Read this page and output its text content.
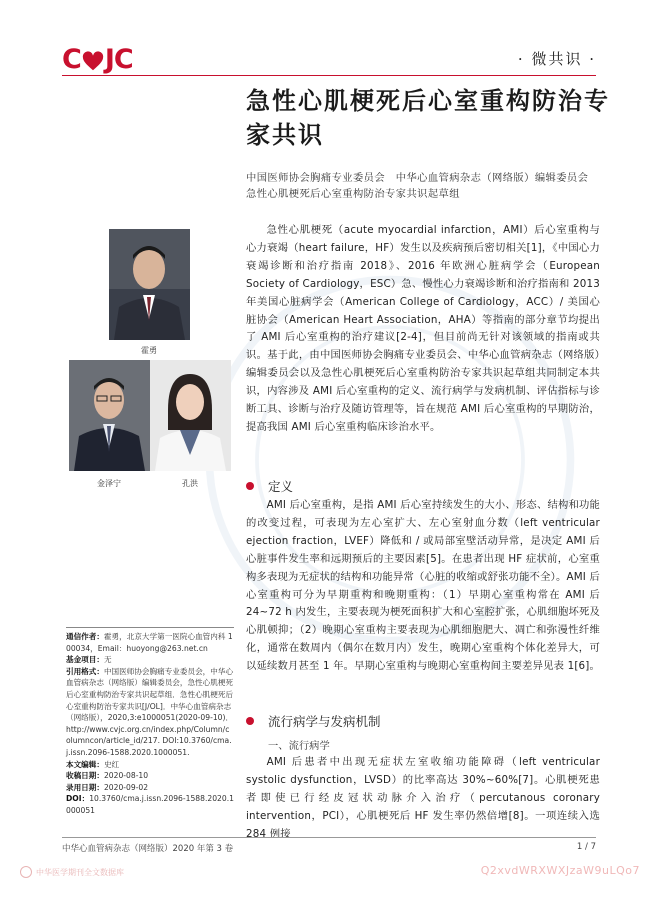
C J C	· 微共识 ·
急性心肌梗死后心室重构防治专家共识
中国医师协会胸痛专业委员会　中华心血管病杂志（网络版）编辑委员会 急性心肌梗死后心室重构防治专家共识起草组
霍勇
金泽宁	孔洪

急性心肌梗死（acute myocardial infarction，AMI）后心室重构与心力衰竭（heart failure，HF）发生以及疾病预后密切相关[1]，《中国心力衰竭诊断和治疗指南 2018》、2016 年欧洲心脏病学会（European Society of Cardiology，ESC）急、慢性心力衰竭诊断和治疗指南和 2013 年美国心脏病学会（American College of Cardiology，ACC）/ 美国心脏协会（American Heart Association，AHA）等指南的部分章节均提出了 AMI 后心室重构的治疗建议[2-4]，但目前尚无针对该领域的指南或共识。基于此，由中国医师协会胸痛专业委员会、中华心血管病杂志（网络版）编辑委员会以及急性心肌梗死后心室重构防治专家共识起草组共同制定本共识，内容涉及 AMI 后心室重构的定义、流行病学与发病机制、评估指标与诊断工具、诊断与治疗及随访管理等，旨在规范 AMI 后心室重构的早期防治，提高我国 AMI 后心室重构临床诊治水平。

定义

AMI 后心室重构，是指 AMI 后心室持续发生的大小、形态、结构和功能的改变过程，可表现为左心室扩大、左心室射血分数（left ventricular ejection fraction，LVEF）降低和 / 或局部室壁活动异常，是决定 AMI 后心脏事件发生率和远期预后的主要因素[5]。在患者出现 HF 症状前，心室重构多表现为无症状的结构和功能异常（心脏的收缩或舒张功能不全）。AMI 后心室重构可分为早期重构和晚期重构：（1）早期心室重构常在 AMI 后 24~72 h 内发生，主要表现为梗死面积扩大和心室腔扩张，心肌细胞坏死及心肌顿抑；（2）晚期心室重构主要表现为心肌细胞肥大、凋亡和弥漫性纤维化，通常在数周内（偶尔在数月内）发生，晚期心室重构个体化差异大，可以延续数月甚至 1 年。早期心室重构与晚期心室重构间主要差异见表 1[6]。

流行病学与发病机制
一、流行病学

AMI 后患者中出现无症状左室收缩功能障碍（left ventricular systolic dysfunction，LVSD）的比率高达 30%~60%[7]。心肌梗死患者即使已行经皮冠状动脉介入治疗（percutanous coronary intervention，PCI），心肌梗死后 HF 发生率仍然倍增[8]。一项连续入选 284 例接

通信作者：霍勇，北京大学第一医院心血管内科 100034，Email：huoyong@263.net.cn
基金项目：无
引用格式：中国医师协会胸痛专业委员会，中华心血管病杂志（网络版）编辑委员会，急性心肌梗死后心室重构防治专家共识起草组．急性心肌梗死后心室重构防治专家共识[J/OL]．中华心血管病杂志（网络版），2020,3:e1000051(2020-09-10)．http://www.cvjc.org.cn/index.php/Column/columncon/article_id/217. DOI:10.3760/cma.j.issn.2096-1588.2020.1000051.
本文编辑：史红
收稿日期：2020-08-10
录用日期：2020-09-02
DOI：10.3760/cma.j.issn.2096-1588.2020.1000051
中华心血管病杂志（网络版）2020 年第 3 卷	1 / 7
中华医学期刊全文数据库	Q2xvdWRXWXJzaW9uLQo7
